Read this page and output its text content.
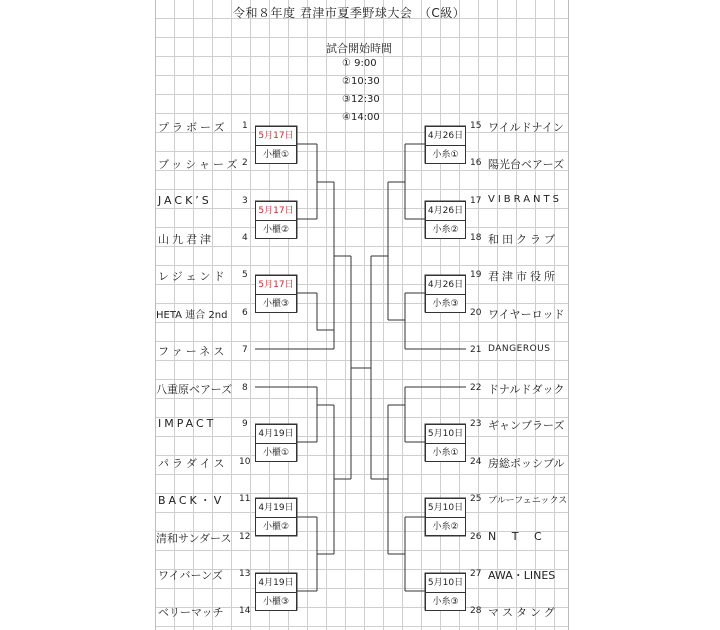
令和８年度 君津市夏季野球大会　（C級）
試合開始時間
① 9:00
②10:30
③12:30
④14:00
プラボーズ
ブッシャーズ
JACK’S
山九君津
レジェンド
HETA 連合 2nd
ファーネス
八重原ベアーズ
IMPACT
パラダイス
BACK・V
清和サンダース
ワイバーンズ
ベリーマッチ
1
2
3
4
5
6
7
8
9
10
11
12
13
14
15
16
17
18
19
20
21
22
23
24
25
26
27
28
ワイルドナイン
陽光台ベアーズ
VIBRANTS
和田クラブ
君津市役所
ワイヤーロッド
DANGEROUS
ドナルドダック
ギャンブラーズ
房総ポッシブル
ブルーフェニックス
N T C
AWA・LINES
マスタング
5月17日
小櫃①
5月17日
小櫃②
5月17日
小櫃③
4月19日
小櫃①
4月19日
小櫃②
4月19日
小櫃③
4月26日
小糸①
4月26日
小糸②
4月26日
小糸③
5月10日
小糸①
5月10日
小糸②
5月10日
小糸③
